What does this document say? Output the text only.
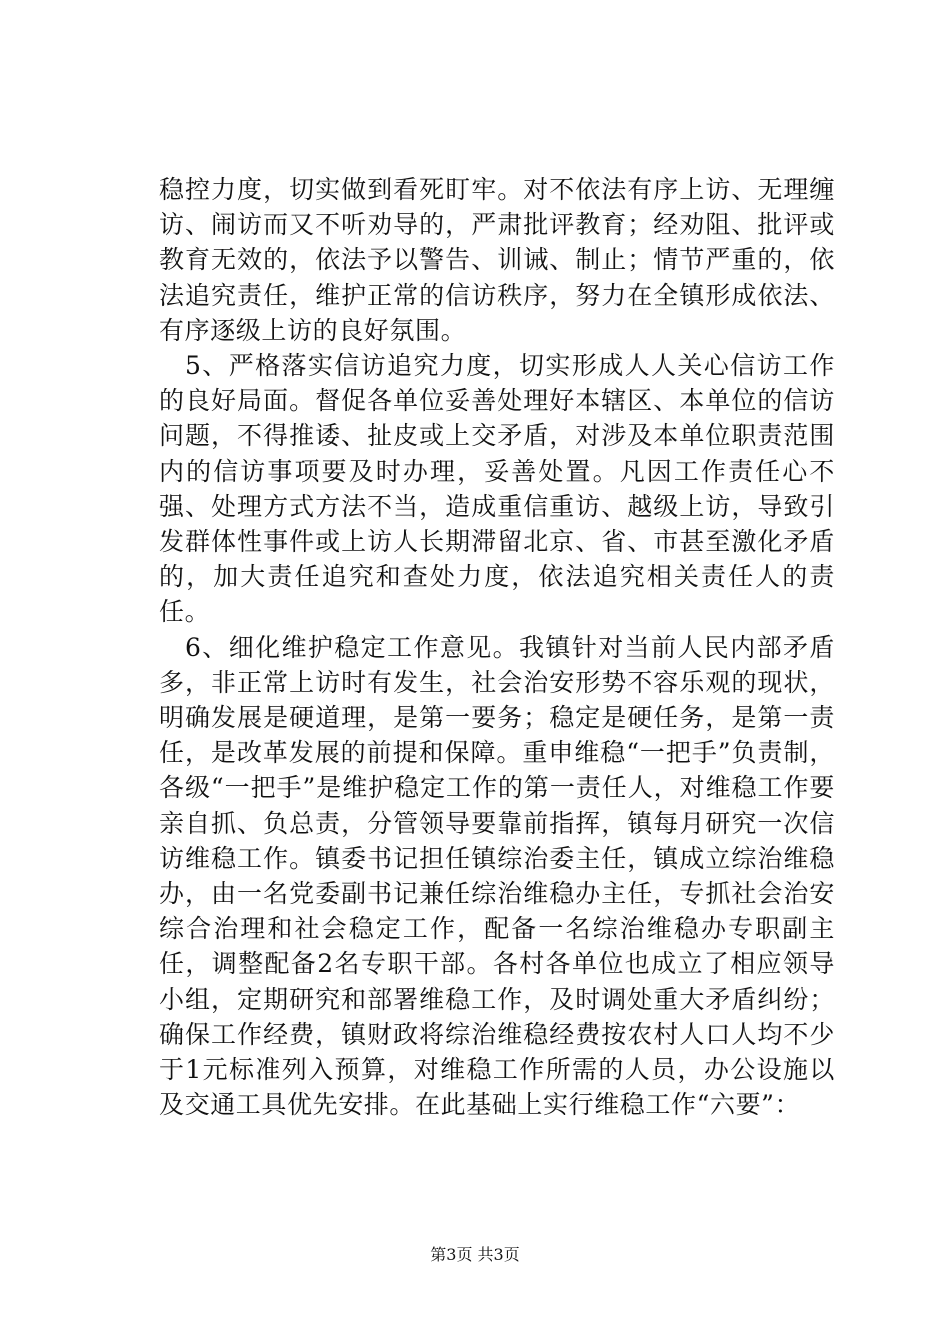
稳控力度，切实做到看死盯牢。对不依法有序上访、无理缠访、闹访而又不听劝导的，严肃批评教育；经劝阻、批评或教育无效的，依法予以警告、训诫、制止；情节严重的，依法追究责任，维护正常的信访秩序，努力在全镇形成依法、有序逐级上访的良好氛围。

5、严格落实信访追究力度，切实形成人人关心信访工作的良好局面。督促各单位妥善处理好本辖区、本单位的信访问题，不得推诿、扯皮或上交矛盾，对涉及本单位职责范围内的信访事项要及时办理，妥善处置。凡因工作责任心不强、处理方式方法不当，造成重信重访、越级上访，导致引发群体性事件或上访人长期滞留北京、省、市甚至激化矛盾的，加大责任追究和查处力度，依法追究相关责任人的责任。

6、细化维护稳定工作意见。我镇针对当前人民内部矛盾多，非正常上访时有发生，社会治安形势不容乐观的现状，明确发展是硬道理，是第一要务；稳定是硬任务，是第一责任，是改革发展的前提和保障。重申维稳“一把手”负责制，各级“一把手”是维护稳定工作的第一责任人，对维稳工作要亲自抓、负总责，分管领导要靠前指挥，镇每月研究一次信访维稳工作。镇委书记担任镇综治委主任，镇成立综治维稳办，由一名党委副书记兼任综治维稳办主任，专抓社会治安综合治理和社会稳定工作，配备一名综治维稳办专职副主任，调整配备2名专职干部。各村各单位也成立了相应领导小组，定期研究和部署维稳工作，及时调处重大矛盾纠纷；确保工作经费，镇财政将综治维稳经费按农村人口人均不少于1元标准列入预算，对维稳工作所需的人员，办公设施以及交通工具优先安排。在此基础上实行维稳工作“六要”：

第3页 共3页
